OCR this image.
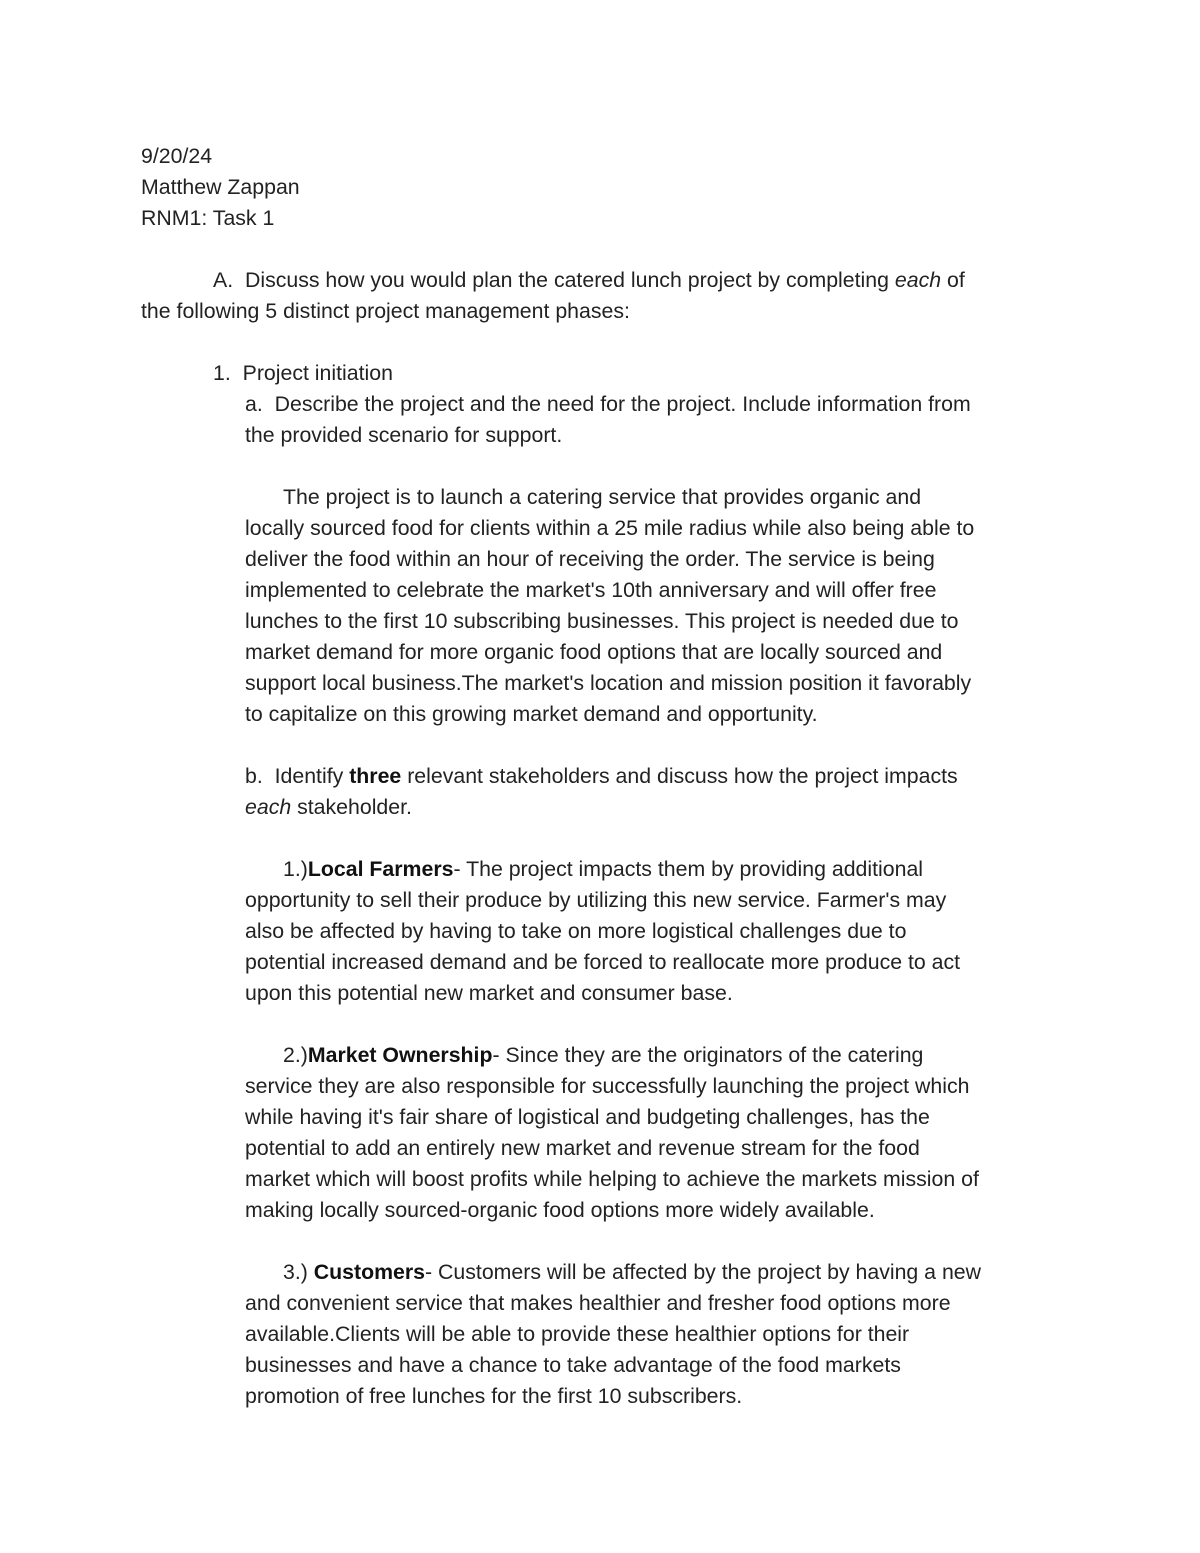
9/20/24
Matthew Zappan
RNM1: Task 1
A. Discuss how you would plan the catered lunch project by completing each of
the following 5 distinct project management phases:
1. Project initiation
a. Describe the project and the need for the project. Include information from
the provided scenario for support.
The project is to launch a catering service that provides organic and
locally sourced food for clients within a 25 mile radius while also being able to
deliver the food within an hour of receiving the order. The service is being
implemented to celebrate the market's 10th anniversary and will offer free
lunches to the first 10 subscribing businesses. This project is needed due to
market demand for more organic food options that are locally sourced and
support local business.The market's location and mission position it favorably
to capitalize on this growing market demand and opportunity.
b. Identify three relevant stakeholders and discuss how the project impacts
each stakeholder.
1.)Local Farmers- The project impacts them by providing additional
opportunity to sell their produce by utilizing this new service. Farmer's may
also be affected by having to take on more logistical challenges due to
potential increased demand and be forced to reallocate more produce to act
upon this potential new market and consumer base.
2.)Market Ownership- Since they are the originators of the catering
service they are also responsible for successfully launching the project which
while having it's fair share of logistical and budgeting challenges, has the
potential to add an entirely new market and revenue stream for the food
market which will boost profits while helping to achieve the markets mission of
making locally sourced-organic food options more widely available.
3.) Customers- Customers will be affected by the project by having a new
and convenient service that makes healthier and fresher food options more
available.Clients will be able to provide these healthier options for their
businesses and have a chance to take advantage of the food markets
promotion of free lunches for the first 10 subscribers.
